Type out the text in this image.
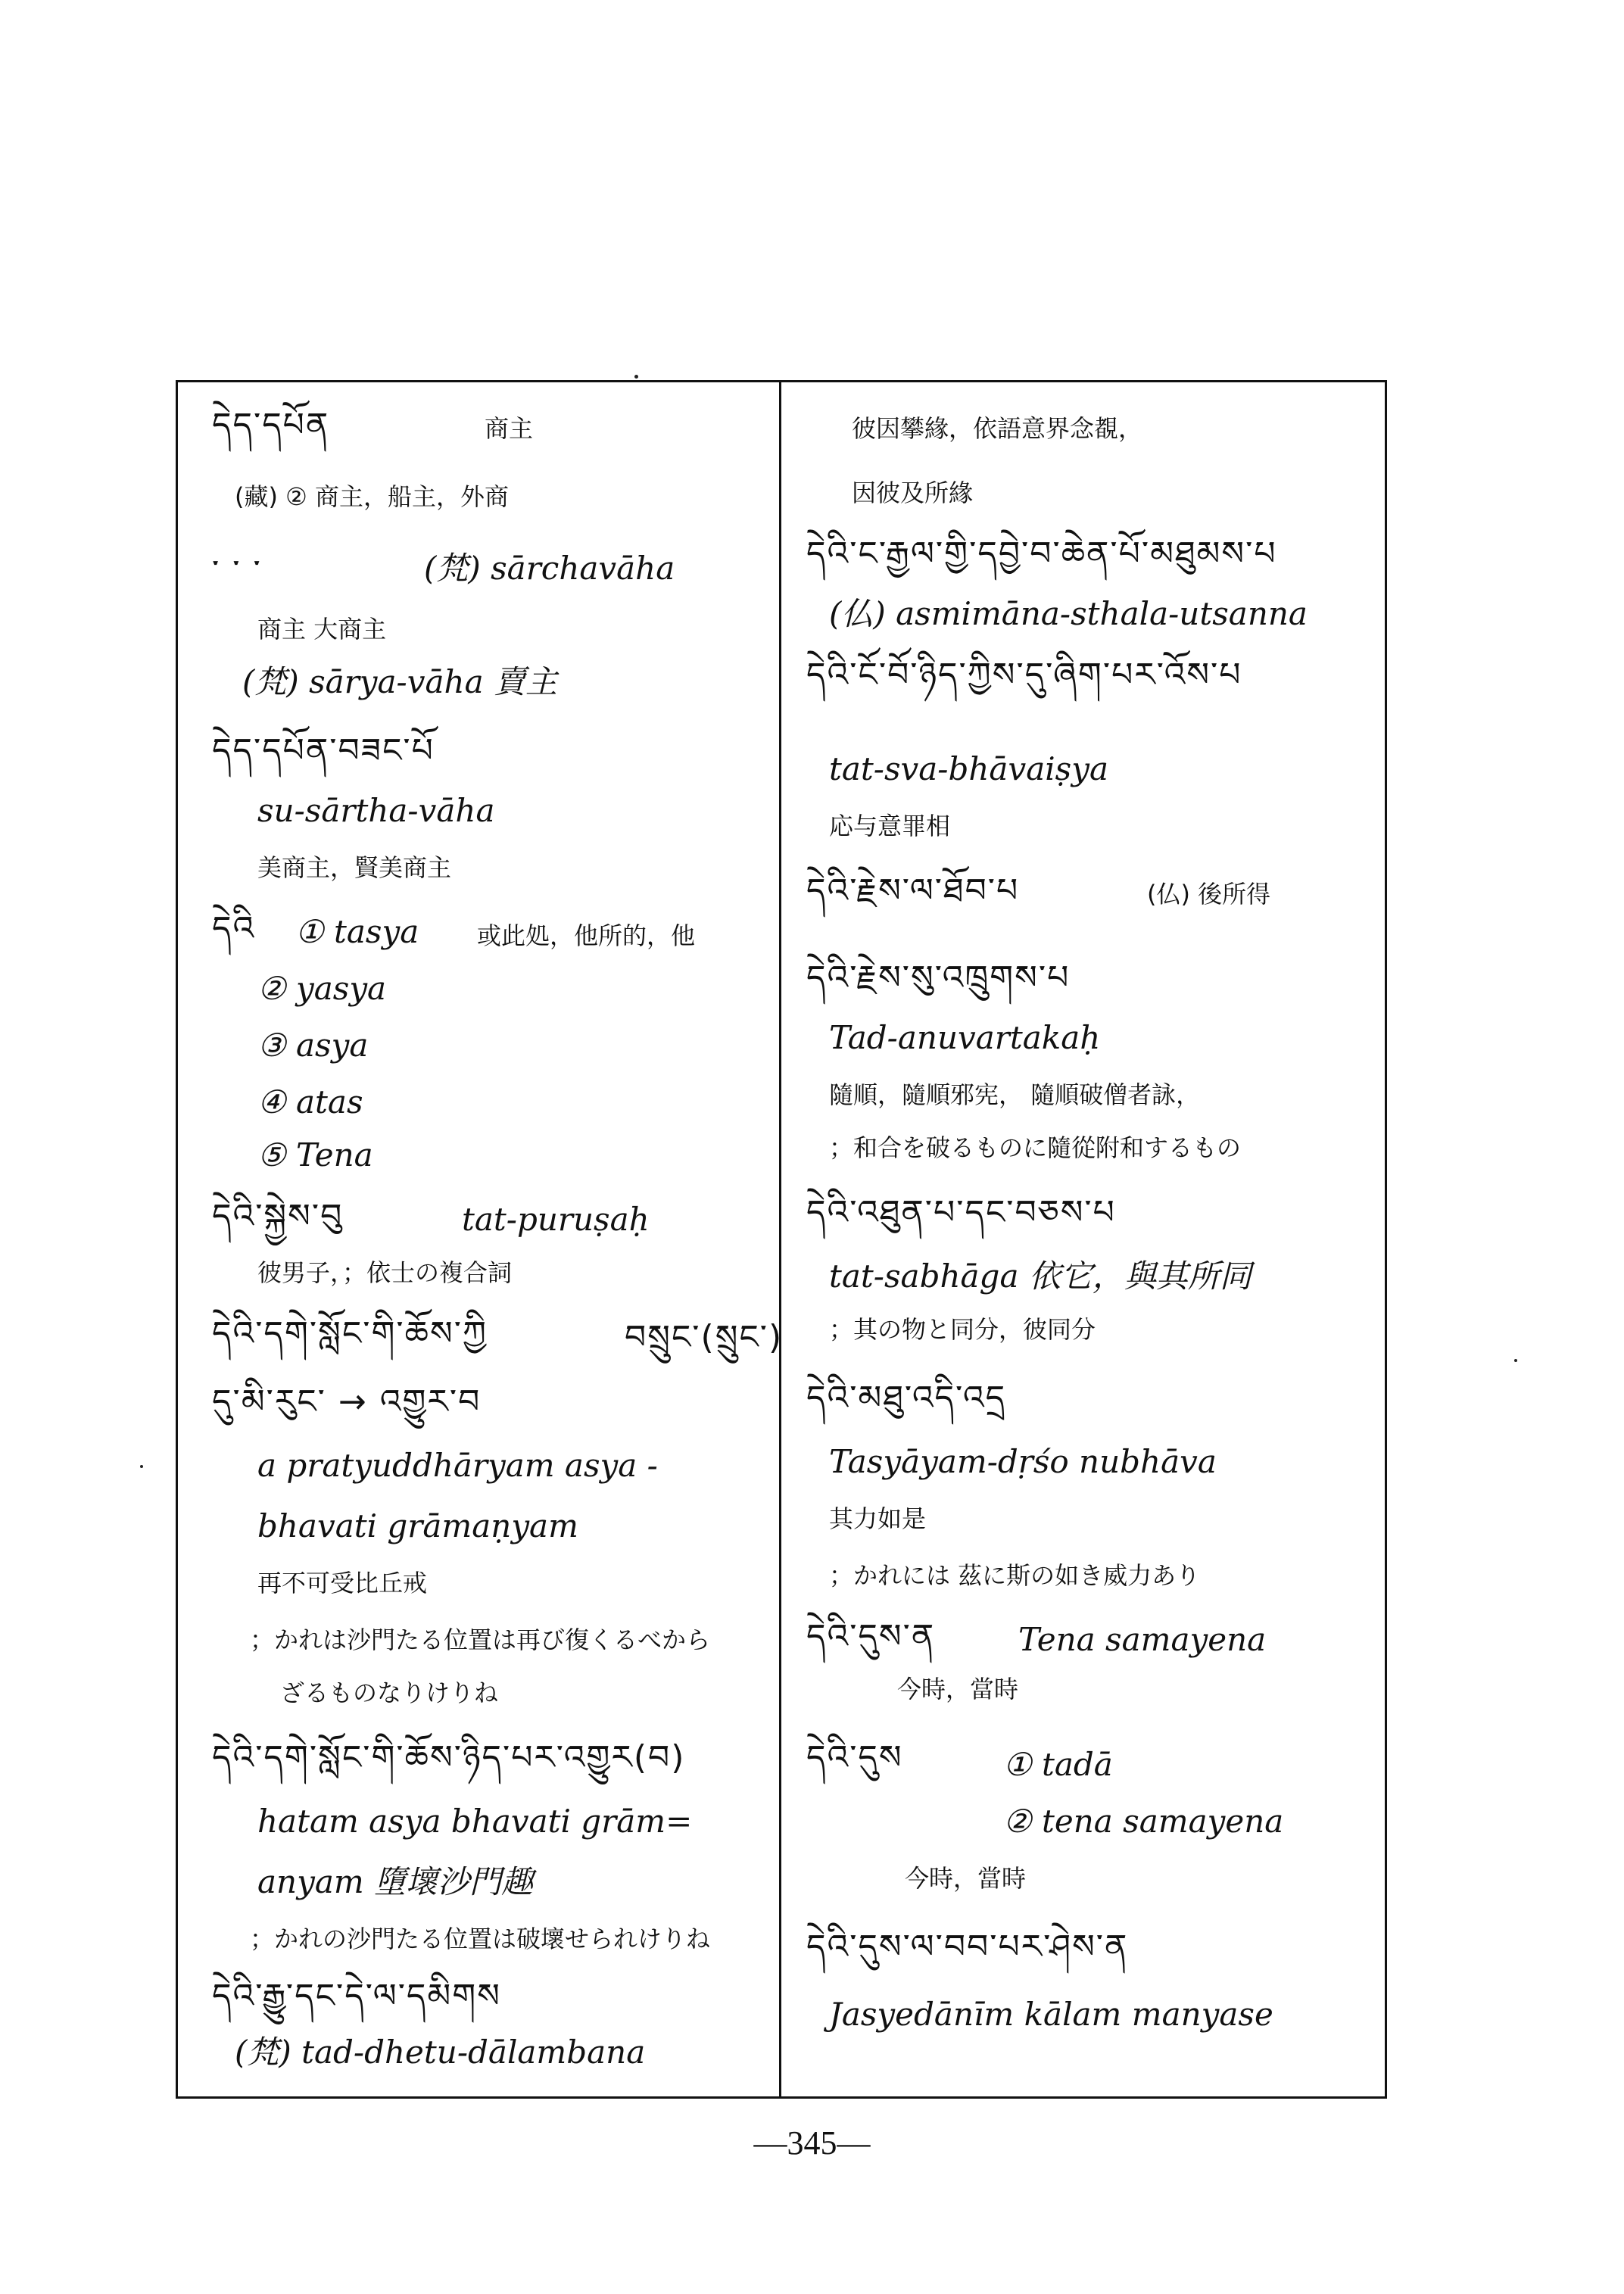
དེད་དཔོན	商主
(藏) ② 商主，船主，外商
་ ་ ་	(梵) sārchavāha
商主 大商主
(梵) sārya-vāha 賣主
དེད་དཔོན་བཟང་པོ
su-sārtha-vāha
美商主，賢美商主
དེའི ① tasya 或此処，他所的，他
② yasya
③ asya
④ atas
⑤ Tena
དེའི་སྐྱེས་བུ	tat-puruṣaḥ
彼男子，；依士の複合詞
དེའི་དགེ་སློང་གི་ཆོས་ཀྱི	བསྲུང་(སྲུང་)
དུ་མི་རུང་ → འགྱུར་བ
a pratyuddhāryam asya -
bhavati grāmaṇyam
再不可受比丘戒
；かれは沙門たる位置は再び復くるべから
ざるものなりけりね
དེའི་དགེ་སློང་གི་ཆོས་ཉིད་པར་འགྱུར(བ)
hatam asya bhavati grām=
anyam 墮壞沙門趣
；かれの沙門たる位置は破壞せられけりね
དེའི་རྒྱུ་དང་དེ་ལ་དམིགས
(梵) tad-dhetu-dālambana
彼因攀緣，依語意界念覩，
因彼及所緣
དེའི་ང་རྒྱལ་གྱི་དབྱེ་བ་ཆེན་པོ་མཐུམས་པ
(仏) asmimāna-sthala-utsanna
དེའི་ངོ་བོ་ཉིད་ཀྱིས་དུ་ཞིག་པར་འོས་པ
tat-sva-bhāvaiṣya
応与意罪相
དེའི་རྗེས་ལ་ཐོབ་པ	(仏) 後所得
དེའི་རྗེས་སུ་འཁྲུགས་པ
Tad-anuvartakaḥ
隨順，隨順邪宪， 隨順破僧者詠，
；和合を破るものに隨從附和するもの
དེའི་འཐུན་པ་དང་བཅས་པ
tat-sabhāga 依它，與其所同
；其の物と同分，彼同分
དེའི་མཐུ་འདི་འདྲ
Tasyāyam-dṛśo nubhāva
其力如是
；かれには 茲に斯の如き威力あり
དེའི་དུས་ན	Tena samayena
今時，當時
དེའི་དུས	① tadā
② tena samayena
今時，當時
དེའི་དུས་ལ་བབ་པར་ཤེས་ན
Jasyedānīm kālam manyase
—345—
